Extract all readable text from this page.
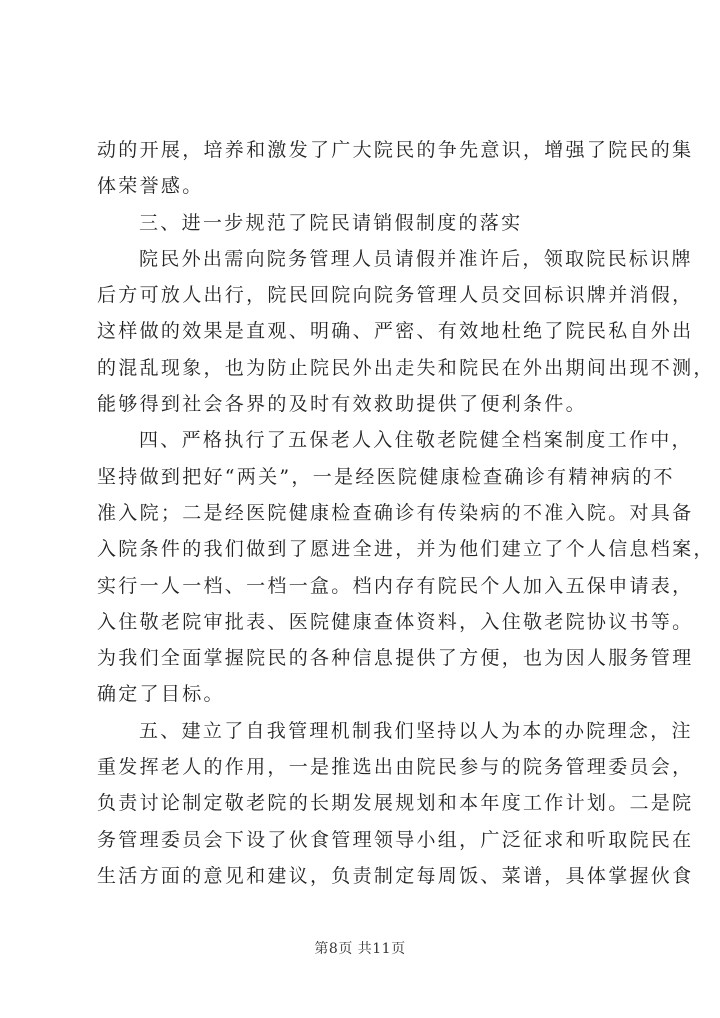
动的开展，培养和激发了广大院民的争先意识，增强了院民的集
体荣誉感。
三、进一步规范了院民请销假制度的落实
院民外出需向院务管理人员请假并准许后，领取院民标识牌
后方可放人出行，院民回院向院务管理人员交回标识牌并消假，
这样做的效果是直观、明确、严密、有效地杜绝了院民私自外出
的混乱现象，也为防止院民外出走失和院民在外出期间出现不测，
能够得到社会各界的及时有效救助提供了便利条件。
四、严格执行了五保老人入住敬老院健全档案制度工作中，
坚持做到把好“两关”，一是经医院健康检查确诊有精神病的不
准入院；二是经医院健康检查确诊有传染病的不准入院。对具备
入院条件的我们做到了愿进全进，并为他们建立了个人信息档案，
实行一人一档、一档一盒。档内存有院民个人加入五保申请表，
入住敬老院审批表、医院健康查体资料，入住敬老院协议书等。
为我们全面掌握院民的各种信息提供了方便，也为因人服务管理
确定了目标。
五、建立了自我管理机制我们坚持以人为本的办院理念，注
重发挥老人的作用，一是推选出由院民参与的院务管理委员会，
负责讨论制定敬老院的长期发展规划和本年度工作计划。二是院
务管理委员会下设了伙食管理领导小组，广泛征求和听取院民在
生活方面的意见和建议，负责制定每周饭、菜谱，具体掌握伙食
第8页 共11页
